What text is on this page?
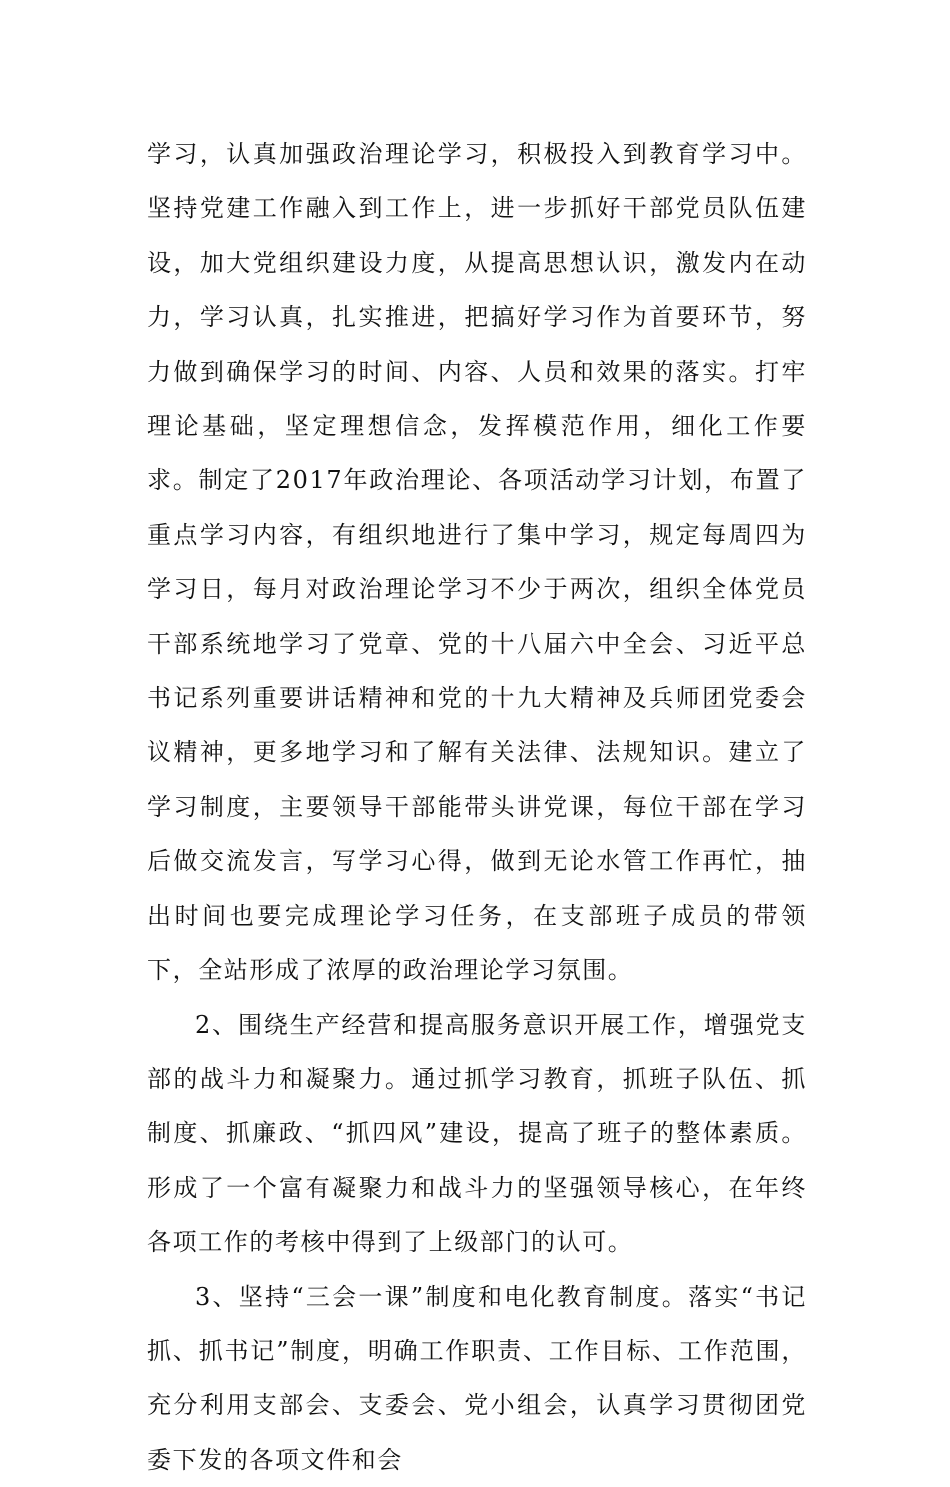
学习，认真加强政治理论学习，积极投入到教育学习中。坚持党建工作融入到工作上，进一步抓好干部党员队伍建设，加大党组织建设力度，从提高思想认识，激发内在动力，学习认真，扎实推进，把搞好学习作为首要环节，努力做到确保学习的时间、内容、人员和效果的落实。打牢理论基础，坚定理想信念，发挥模范作用，细化工作要求。制定了2017年政治理论、各项活动学习计划，布置了重点学习内容，有组织地进行了集中学习，规定每周四为学习日，每月对政治理论学习不少于两次，组织全体党员干部系统地学习了党章、党的十八届六中全会、习近平总书记系列重要讲话精神和党的十九大精神及兵师团党委会议精神，更多地学习和了解有关法律、法规知识。建立了学习制度，主要领导干部能带头讲党课，每位干部在学习后做交流发言，写学习心得，做到无论水管工作再忙，抽出时间也要完成理论学习任务，在支部班子成员的带领下，全站形成了浓厚的政治理论学习氛围。

2、围绕生产经营和提高服务意识开展工作，增强党支部的战斗力和凝聚力。通过抓学习教育，抓班子队伍、抓制度、抓廉政、“抓四风”建设，提高了班子的整体素质。形成了一个富有凝聚力和战斗力的坚强领导核心，在年终各项工作的考核中得到了上级部门的认可。

3、坚持“三会一课”制度和电化教育制度。落实“书记抓、抓书记”制度，明确工作职责、工作目标、工作范围，充分利用支部会、支委会、党小组会，认真学习贯彻团党委下发的各项文件和会
